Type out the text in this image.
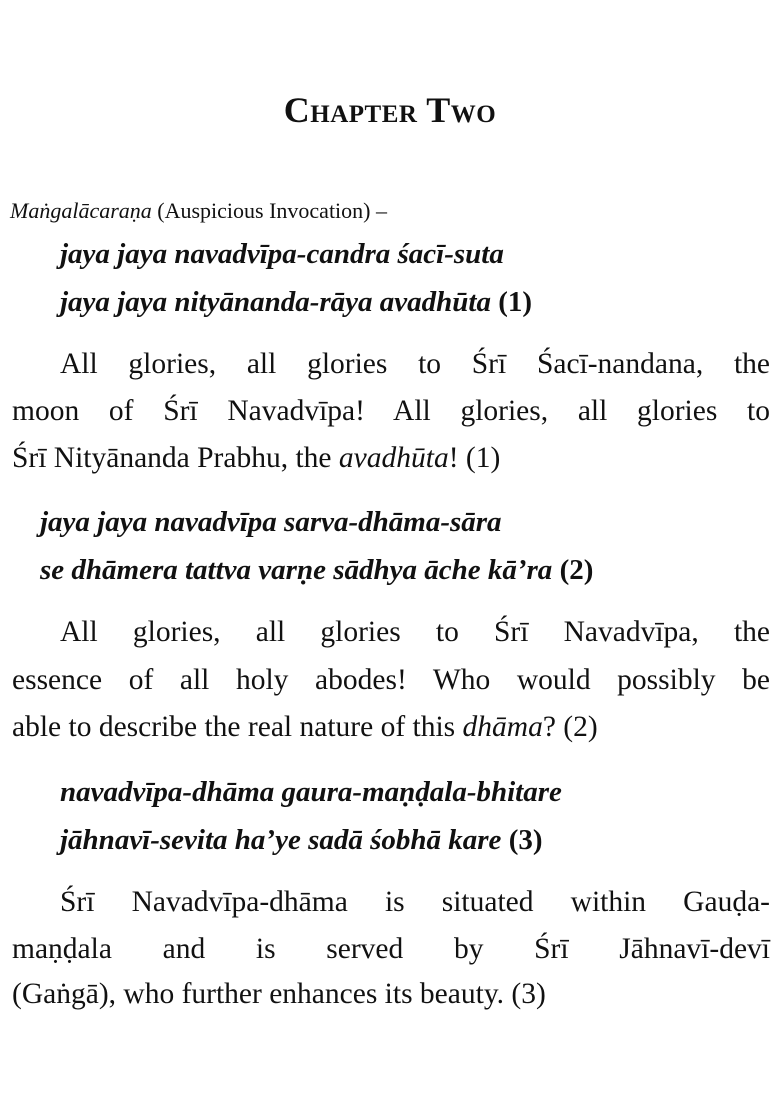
Chapter Two
Maṅgalācaraṇa (Auspicious Invocation) –
jaya jaya navadvīpa-candra śacī-suta
jaya jaya nityānanda-rāya avadhūta (1)
All glories, all glories to Śrī Śacī-nandana, the
moon of Śrī Navadvīpa! All glories, all glories to
Śrī Nityānanda Prabhu, the avadhūta! (1)
jaya jaya navadvīpa sarva-dhāma-sāra
se dhāmera tattva varṇe sādhya āche kā’ra (2)
All glories, all glories to Śrī Navadvīpa, the
essence of all holy abodes! Who would possibly be
able to describe the real nature of this dhāma? (2)
navadvīpa-dhāma gaura-maṇḍala-bhitare
jāhnavī-sevita ha’ye sadā śobhā kare (3)
Śrī Navadvīpa-dhāma is situated within Gauḍa-
maṇḍala and is served by Śrī Jāhnavī-devī
(Gaṅgā), who further enhances its beauty. (3)
